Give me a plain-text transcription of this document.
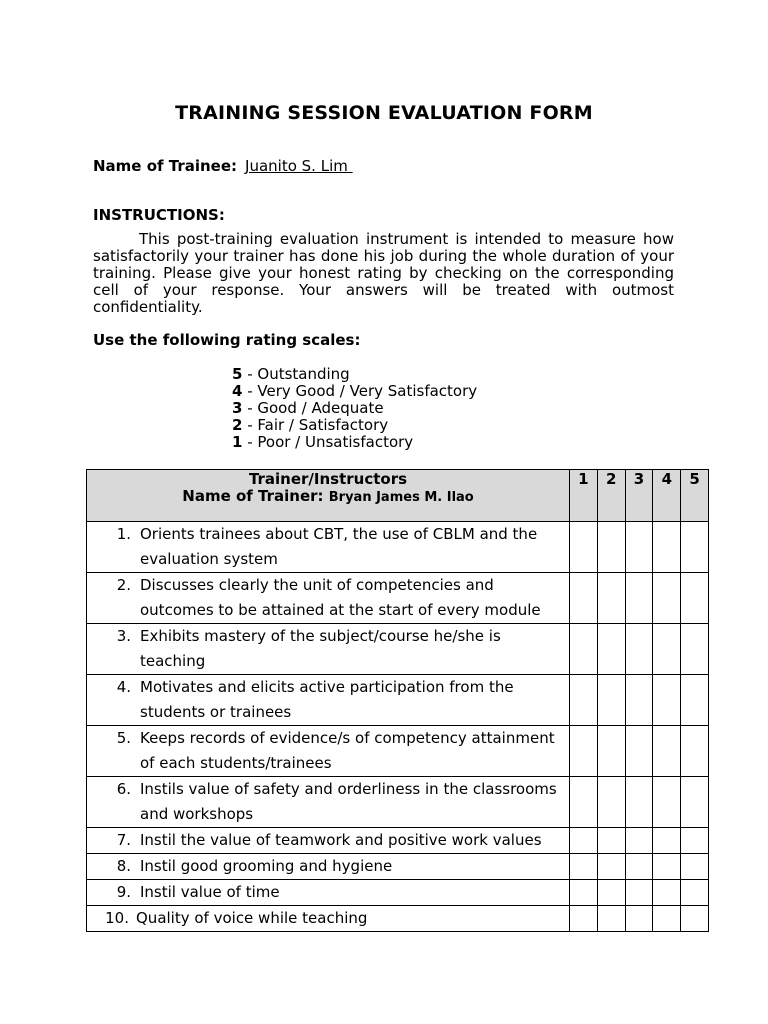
TRAINING SESSION EVALUATION FORM
Name of Trainee: Juanito S. Lim
INSTRUCTIONS:
This post-training evaluation instrument is intended to measure how satisfactorily your trainer has done his job during the whole duration of your training. Please give your honest rating by checking on the corresponding cell of your response. Your answers will be treated with outmost confidentiality.
Use the following rating scales:
5 - Outstanding
4 - Very Good / Very Satisfactory
3 - Good / Adequate
2 - Fair / Satisfactory
1 - Poor / Unsatisfactory
Trainer/Instructors
Name of Trainer: Bryan James M. Ilao	1	2	3	4	5

1. Orients trainees about CBT, the use of CBLM and the evaluation system					

2. Discusses clearly the unit of competencies and outcomes to be attained at the start of every module					

3. Exhibits mastery of the subject/course he/she is teaching					

4. Motivates and elicits active participation from the students or trainees					

5. Keeps records of evidence/s of competency attainment of each students/trainees					

6. Instils value of safety and orderliness in the classrooms and workshops					

7. Instil the value of teamwork and positive work values					

8. Instil good grooming and hygiene					

9. Instil value of time					

10. Quality of voice while teaching					
